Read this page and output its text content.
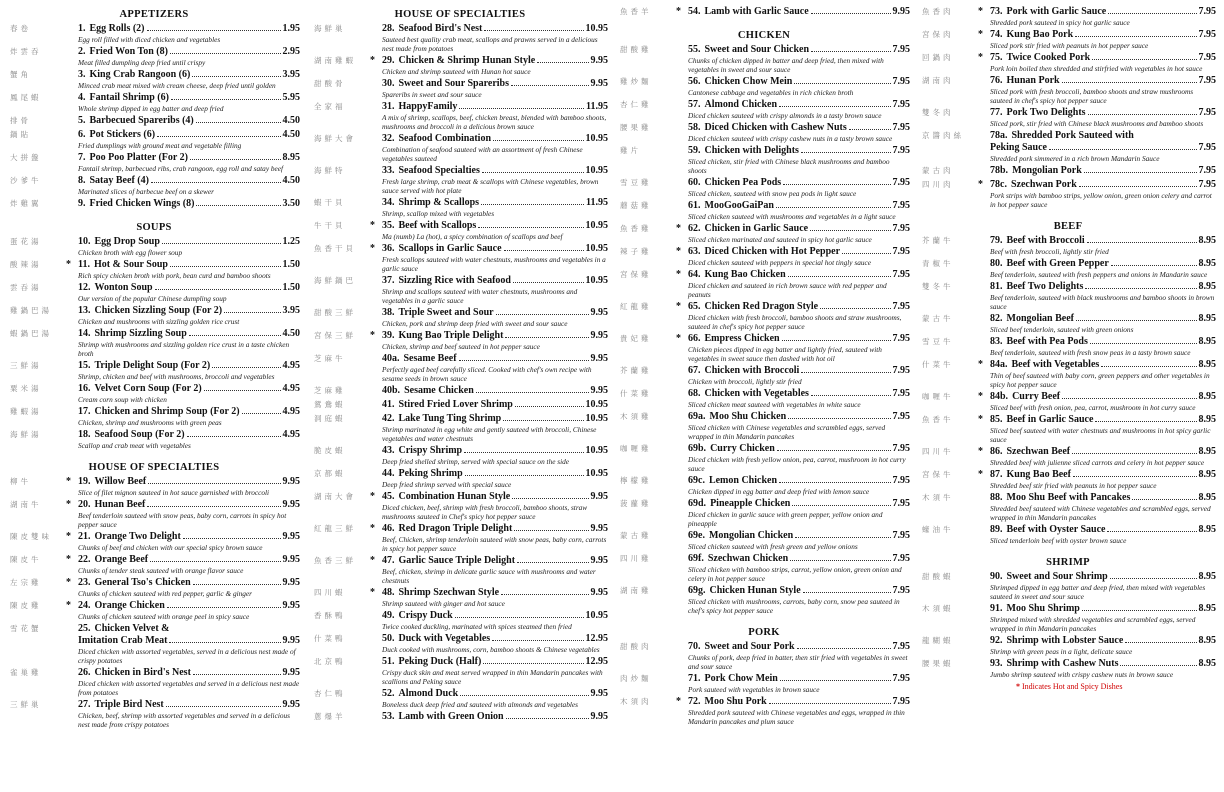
APPETIZERS
春卷	1. Egg Rolls (2)	1.95
Egg roll filled with diced chicken and vegetables
炸雲吞	2. Fried Won Ton (8)	2.95
Meat filled dumpling deep fried until crispy
蟹角	3. King Crab Rangoon (6)	3.95
Minced crab meat mixed with cream cheese, deep fried until golden
鳳尾蝦	4. Fantail Shrimp (6)	5.95
Whole shrimp dipped in egg batter and deep fried
排骨	5. Barbecued Spareribs (4)	4.50
鍋貼	6. Pot Stickers (6)	4.50
Fried dumplings with ground meat and vegetable filling
大拼盤	7. Poo Poo Platter (For 2)	8.95
Fantail shrimp, barbecued ribs, crab rangoon, egg roll and satay beef
沙爹牛	8. Satay Beef (4)	4.50
Marinated slices of barbecue beef on a skewer
炸雞翼	9. Fried Chicken Wings (8)	3.50
SOUPS
蛋花湯	10. Egg Drop Soup	1.25
Chicken broth with egg flower soup
酸辣湯	* 11. Hot & Sour Soup	1.50
Rich spicy chicken broth with pork, bean curd and bamboo shoots
雲吞湯	12. Wonton Soup	1.50
Our version of the popular Chinese dumpling soup
雞鍋巴湯	13. Chicken Sizzling Soup (For 2)	3.95
Chicken and mushrooms with sizzling golden rice crust
蝦鍋巴湯	14. Shrimp Sizzling Soup	4.50
Shrimp with mushrooms and sizzling golden rice crust in a taste chicken broth
三鮮湯	15. Triple Delight Soup (For 2)	4.95
Shrimp, chicken and beef with mushrooms, broccoli and vegetables
粟米湯	16. Velvet Corn Soup (For 2)	4.95
Cream corn soup with chicken
雞蝦湯	17. Chicken and Shrimp Soup (For 2)	4.95
Chicken, shrimp and mushrooms with green peas
海鮮湯	18. Seafood Soup (For 2)	4.95
Scallop and crab meat with vegetables
HOUSE OF SPECIALTIES
柳牛	* 19. Willow Beef	9.95
Slice of filet mignon sauteed in hot sauce garnished with broccoli
湖南牛	* 20. Hunan Beef	9.95
Beef tenderloin sauteed with snow peas, baby corn, carrots in spicy hot pepper sauce
陳皮雙味	* 21. Orange Two Delight	9.95
Chunks of beef and chicken with our special spicy brown sauce
陳皮牛	* 22. Orange Beef	9.95
Chunks of tender steak sauteed with orange flavor sauce
左宗雞	* 23. General Tso's Chicken	9.95
Chunks of chicken sauteed with red pepper, garlic & ginger
陳皮雞	* 24. Orange Chicken	9.95
Chunks of chicken sauteed with orange peel in spicy sauce
雪花蟹	25. Chicken Velvet &
Imitation Crab Meat	9.95
Diced chicken with assorted vegetables, served in a delicious nest made of crispy potatoes
雀巢雞	26. Chicken in Bird's Nest	9.95
Diced chicken with assorted vegetables and served in a delicious nest made from potatoes
三鮮巢	27. Triple Bird Nest	9.95
Chicken, beef, shrimp with assorted vegetables and served in a delicious nest made from crispy potatoes
HOUSE OF SPECIALTIES
海鮮巢	28. Seafood Bird's Nest	10.95
Sauteed best quality crab meat, scallops and prawns served in a delicious nest made from potatoes
湖南雞蝦	* 29. Chicken & Shrimp Hunan Style	9.95
Chicken and shrimp sauteed with Hunan hot sauce
甜酸骨	30. Sweet and Sour Spareribs	9.95
Spareribs in sweet and sour sauce
全家福	31. HappyFamily	11.95
A mix of shrimp, scallops, beef, chicken breast, blended with bamboo shoots, mushrooms and broccoli in a delicious brown sauce
海鮮大會	32. Seafood Combination	10.95
Combination of seafood sauteed with an assortment of fresh Chinese vegetables sauteed
海鮮特	33. Seafood Specialties	10.95
Fresh large shrimp, crab meat & scallops with Chinese vegetables, brown sauce served with hot plate
蝦干貝	34. Shrimp & Scallops	11.95
Shrimp, scallop mixed with vegetables
牛干貝	* 35. Beef with Scallops	10.95
Ma (numb) La (hot), a spicy combination of scallops and beef
魚香干貝	* 36. Scallops in Garlic Sauce	10.95
Fresh scallops sauteed with water chestnuts, mushrooms and vegetables in a garlic sauce
海鮮鍋巴	37. Sizzling Rice with Seafood	10.95
Shrimp and scallops sauteed with water chestnuts, mushrooms and vegetables in a garlic sauce
甜酸三鮮	38. Triple Sweet and Sour	9.95
Chicken, pork and shrimp deep fried with sweet and sour sauce
宮保三鮮	* 39. Kung Bao Triple Delight	9.95
Chicken, shrimp and beef sauteed in hot pepper sauce
芝麻牛	40a. Sesame Beef	9.95
Perfectly aged beef carefully sliced. Cooked with chef's own recipe with sesame seeds in brown sauce
芝麻雞	40b. Sesame Chicken	9.95
鴛鴦蝦	41. Stired Fried Lover Shrimp	10.95
洞庭蝦	42. Lake Tung Ting Shrimp	10.95
Shrimp marinated in egg white and gently sauteed with broccoli, Chinese vegetables and water chestnuts
脆皮蝦	43. Crispy Shrimp	10.95
Deep fried shelled shrimp, served with special sauce on the side
京都蝦	44. Peking Shrimp	10.95
Deep fried shrimp served with special sauce
湖南大會	* 45. Combination Hunan Style	9.95
Diced chicken, beef, shrimp with fresh broccoli, bamboo shoots, straw mushrooms sauteed in Chef's spicy hot pepper sauce
紅龍三鮮	* 46. Red Dragon Triple Delight	9.95
Beef, Chicken, shrimp tenderloin sauteed with snow peas, baby corn, carrots in spicy hot pepper sauce
魚香三鮮	* 47. Garlic Sauce Triple Delight	9.95
Beef, chicken, shrimp in delicate garlic sauce with mushrooms and water chestnuts
四川蝦	* 48. Shrimp Szechwan Style	9.95
Shrimp sauteed with ginger and hot sauce
香酥鴨	49. Crispy Duck	10.95
Twice cooked duckling, marinated with spices steamed then fried
什菜鴨	50. Duck with Vegetables	12.95
Duck cooked with mushrooms, corn, bamboo shoots & Chinese vegetables
北京鴨	51. Peking Duck (Half)	12.95
Crispy duck skin and meat served wrapped in thin Mandarin pancakes with scallions and Peking sauce
杏仁鴨	52. Almond Duck	9.95
Boneless duck deep fried and sauteed with almonds and vegetables
蔥爆羊	53. Lamb with Green Onion	9.95
魚香羊	* 54. Lamb with Garlic Sauce	9.95
CHICKEN
甜酸雞	55. Sweet and Sour Chicken	7.95
Chunks of chicken dipped in batter and deep fried, then mixed with vegetables in sweet and sour sauce
雞炒麵	56. Chicken Chow Mein	7.95
Cantonese cabbage and vegetables in rich chicken broth
杏仁雞	57. Almond Chicken	7.95
Diced chicken sauteed with crispy almonds in a tasty brown sauce
腰果雞	58. Diced Chicken with Cashew Nuts	7.95
Diced chicken sauteed with crispy cashew nuts in a tasty brown sauce
雞片	59. Chicken with Delights	7.95
Sliced chicken, stir fried with Chinese black mushrooms and bamboo shoots
雪豆雞	60. Chicken Pea Pods	7.95
Sliced chicken, sauteed with snow pea pods in light sauce
蘑菇雞	61. MooGooGaiPan	7.95
Sliced chicken sauteed with mushrooms and vegetables in a light sauce
魚香雞	* 62. Chicken in Garlic Sauce	7.95
Sliced chicken marinated and sauteed in spicy hot garlic sauce
辣子雞	* 63. Diced Chicken with Hot Pepper	7.95
Diced chicken sauteed with peppers in special hot tingly sauce
宮保雞	* 64. Kung Bao Chicken	7.95
Diced chicken and sauteed in rich brown sauce with red pepper and peanuts
紅龍雞	* 65. Chicken Red Dragon Style	7.95
Diced chicken with fresh broccoli, bamboo shoots and straw mushrooms, sauteed in chef's spicy hot pepper sauce
貴妃雞	* 66. Empress Chicken	7.95
Chicken pieces dipped in egg batter and lightly fried, sauteed with vegetables in sweet sauce then dashed with hot oil
芥蘭雞	67. Chicken with Broccoli	7.95
Chicken with broccoli, lightly stir fried
什菜雞	68. Chicken with Vegetables	7.95
Sliced chicken meat sauteed with vegetables in white sauce
木須雞	69a. Moo Shu Chicken	7.95
Sliced chicken with Chinese vegetables and scrambled eggs, served wrapped in thin Mandarin pancakes
咖喱雞	69b. Curry Chicken	7.95
Diced chicken with fresh yellow onion, pea, carrot, mushroom in hot curry sauce
檸檬雞	69c. Lemon Chicken	7.95
Chicken dipped in egg batter and deep fried with lemon sauce
菠蘿雞	69d. Pineapple Chicken	7.95
Diced chicken in garlic sauce with green pepper, yellow onion and pineapple
蒙古雞	69e. Mongolian Chicken	7.95
Sliced chicken sauteed with fresh green and yellow onions
四川雞	69f. Szechwan Chicken	7.95
Sliced chicken with bamboo strips, carrot, yellow onion, green onion and celery in hot pepper sauce
湖南雞	69g. Chicken Hunan Style	7.95
Sliced chicken with mushrooms, carrots, baby corn, snow pea sauteed in chef's spicy hot pepper sauce
PORK
甜酸肉	70. Sweet and Sour Pork	7.95
Chunks of pork, deep fried in batter, then stir fried with vegetables in sweet and sour sauce
肉炒麵	71. Pork Chow Mein	7.95
Pork sauteed with vegetables in brown sauce
木須肉	* 72. Moo Shu Pork	7.95
Shredded pork sauteed with Chinese vegetables and eggs, wrapped in thin Mandarin pancakes and plum sauce
魚香肉	* 73. Pork with Garlic Sauce	7.95
Shredded pork sauteed in spicy hot garlic sauce
宮保肉	* 74. Kung Bao Pork	7.95
Sliced pork stir fried with peanuts in hot pepper sauce
回鍋肉	* 75. Twice Cooked Pork	7.95
Pork loin boiled then shredded and stirfried with vegetables in hot sauce
湖南肉	76. Hunan Pork	7.95
Sliced pork with fresh broccoli, bamboo shoots and straw mushrooms sauteed in chef's spicy hot pepper sauce
雙冬肉	77. Pork Two Delights	7.95
Sliced pork, stir fried with Chinese black mushrooms and bamboo shoots
京醬肉絲	78a. Shredded Pork Sauteed with
Peking Sauce	7.95
Shredded pork simmered in a rich brown Mandarin Sauce
蒙古肉	78b. Mongolian Pork	7.95
四川肉	* 78c. Szechwan Pork	7.95
Pork strips with bamboo strips, yellow onion, green onion celery and carrot in hot pepper sauce
BEEF
芥蘭牛	79. Beef with Broccoli	8.95
Beef with fresh broccoli, lightly stir fried
青椒牛	80. Beef with Green Pepper	8.95
Beef tenderloin, sauteed with fresh peppers and onions in Mandarin sauce
雙冬牛	81. Beef Two Delights	8.95
Beef tenderloin, sauteed with black mushrooms and bamboo shoots in brown sauce
蒙古牛	82. Mongolian Beef	8.95
Sliced beef tenderloin, sauteed with green onions
雪豆牛	83. Beef with Pea Pods	8.95
Beef tenderloin, sauteed with fresh snow peas in a tasty brown sauce
什菜牛	* 84a. Beef with Vegetables	8.95
Thin of beef sauteed with baby corn, green peppers and other vegetables in spicy hot pepper sauce
咖喱牛	* 84b. Curry Beef	8.95
Sliced beef with fresh onion, pea, carrot, mushroom in hot curry sauce
魚香牛	* 85. Beef in Garlic Sauce	8.95
Sliced beef sauteed with water chestnuts and mushrooms in hot spicy garlic sauce
四川牛	* 86. Szechwan Beef	8.95
Shredded beef with julienne sliced carrots and celery in hot pepper sauce
宮保牛	* 87. Kung Bao Beef	8.95
Shredded beef stir fried with peanuts in hot pepper sauce
木須牛	88. Moo Shu Beef with Pancakes	8.95
Shredded beef sauteed with Chinese vegetables and scrambled eggs, served wrapped in thin Mandarin pancakes
蠔油牛	89. Beef with Oyster Sauce	8.95
Sliced tenderloin beef with oyster brown sauce
SHRIMP
甜酸蝦	90. Sweet and Sour Shrimp	8.95
Shrimped dipped in egg batter and deep fried, then mixed with vegetables sauteed in sweet and sour sauce
木須蝦	91. Moo Shu Shrimp	8.95
Shrimped mixed with shredded vegetables and scrambled eggs, served wrapped in thin Mandarin pancakes
龍糊蝦	92. Shrimp with Lobster Sauce	8.95
Shrimp with green peas in a light, delicate sauce
腰果蝦	93. Shrimp with Cashew Nuts	8.95
Jumbo shrimp sauteed with crispy cashew nuts in brown sauce
* Indicates Hot and Spicy Dishes
